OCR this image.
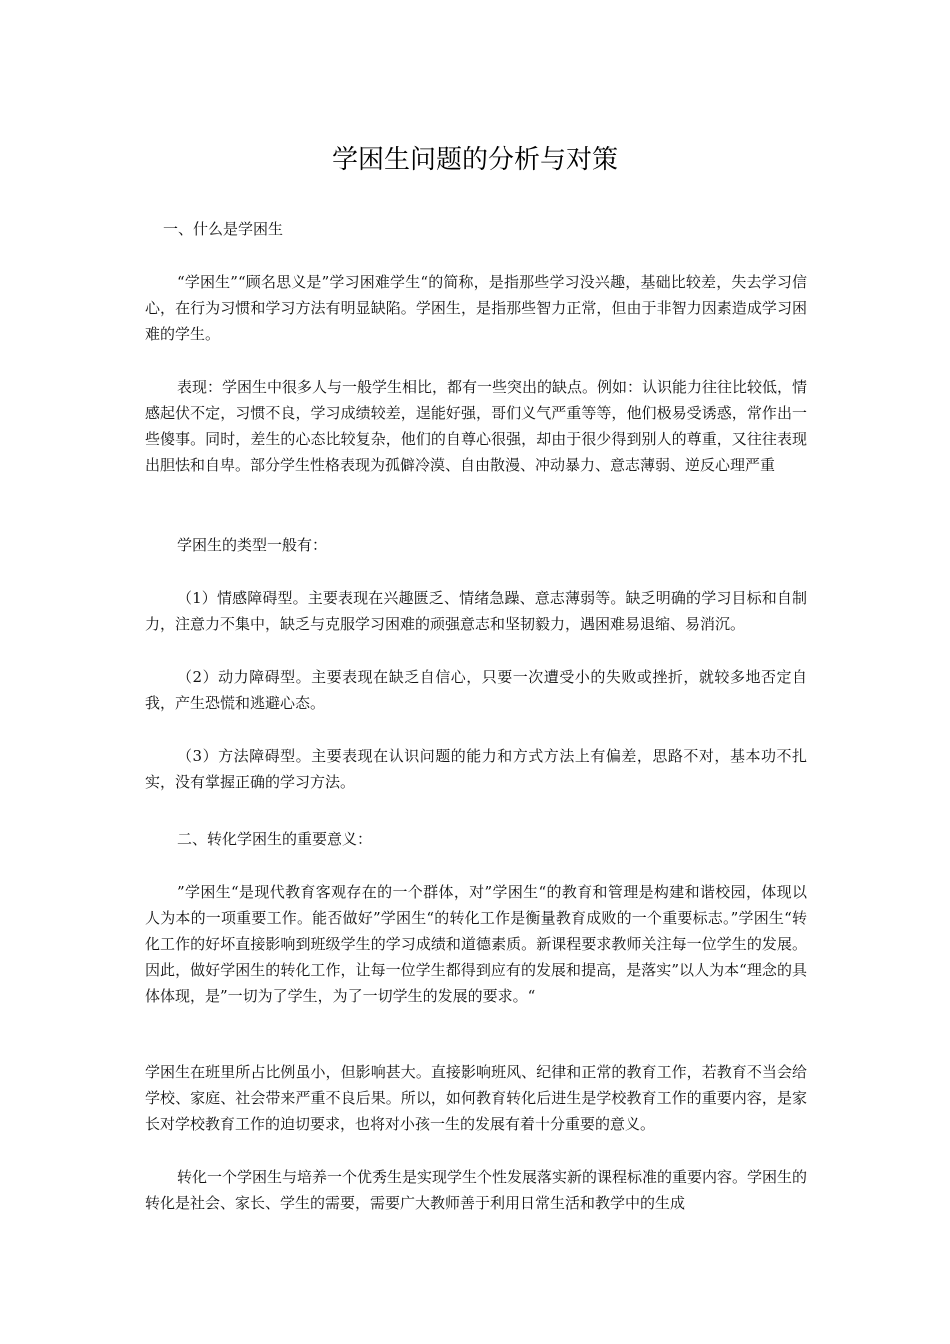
学困生问题的分析与对策

一、什么是学困生

“学困生”“顾名思义是”学习困难学生“的简称，是指那些学习没兴趣，基础比较差，失去学习信心，在行为习惯和学习方法有明显缺陷。学困生，是指那些智力正常，但由于非智力因素造成学习困难的学生。

表现：学困生中很多人与一般学生相比，都有一些突出的缺点。例如：认识能力往往比较低，情感起伏不定，习惯不良，学习成绩较差，逞能好强，哥们义气严重等等，他们极易受诱惑，常作出一些傻事。同时，差生的心态比较复杂，他们的自尊心很强，却由于很少得到别人的尊重，又往往表现出胆怯和自卑。部分学生性格表现为孤僻冷漠、自由散漫、冲动暴力、意志薄弱、逆反心理严重

学困生的类型一般有：

（1）情感障碍型。主要表现在兴趣匮乏、情绪急躁、意志薄弱等。缺乏明确的学习目标和自制力，注意力不集中，缺乏与克服学习困难的顽强意志和坚韧毅力，遇困难易退缩、易消沉。

（2）动力障碍型。主要表现在缺乏自信心，只要一次遭受小的失败或挫折，就较多地否定自我，产生恐慌和逃避心态。

（3）方法障碍型。主要表现在认识问题的能力和方式方法上有偏差，思路不对，基本功不扎实，没有掌握正确的学习方法。

二、转化学困生的重要意义：

”学困生“是现代教育客观存在的一个群体，对”学困生“的教育和管理是构建和谐校园，体现以人为本的一项重要工作。能否做好”学困生“的转化工作是衡量教育成败的一个重要标志。”学困生“转化工作的好坏直接影响到班级学生的学习成绩和道德素质。新课程要求教师关注每一位学生的发展。因此，做好学困生的转化工作，让每一位学生都得到应有的发展和提高，是落实”以人为本“理念的具体体现，是”一切为了学生，为了一切学生的发展的要求。“

学困生在班里所占比例虽小，但影响甚大。直接影响班风、纪律和正常的教育工作，若教育不当会给学校、家庭、社会带来严重不良后果。所以，如何教育转化后进生是学校教育工作的重要内容，是家长对学校教育工作的迫切要求，也将对小孩一生的发展有着十分重要的意义。

转化一个学困生与培养一个优秀生是实现学生个性发展落实新的课程标准的重要内容。学困生的转化是社会、家长、学生的需要，需要广大教师善于利用日常生活和教学中的生成
